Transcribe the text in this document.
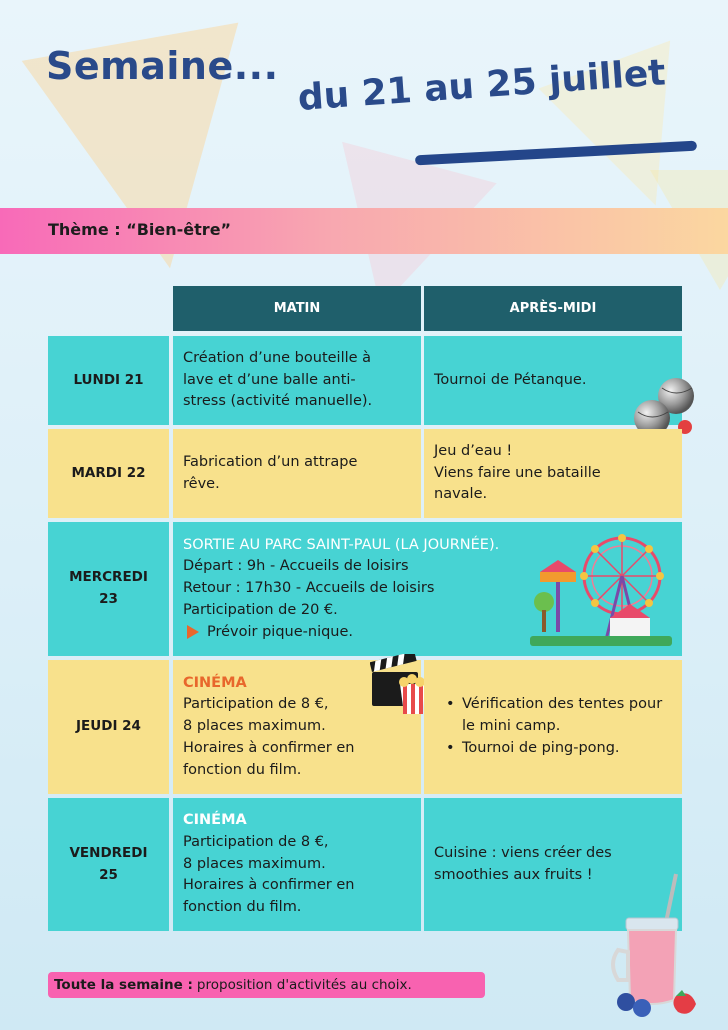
Semaine... du 21 au 25 juillet
Thème : “Bien-être”
MATIN	APRÈS-MIDI
LUNDI 21
Création d’une bouteille à
lave et d’une balle anti-
stress (activité manuelle).
Tournoi de Pétanque.
MARDI 22
Fabrication d’un attrape
rêve.
Jeu d’eau !
Viens faire une bataille
navale.
MERCREDI
23
SORTIE AU PARC SAINT-PAUL (LA JOURNÉE).
Départ : 9h - Accueils de loisirs
Retour : 17h30 - Accueils de loisirs
Participation de 20 €.
Prévoir pique-nique.
JEUDI 24
CINÉMA
Participation de 8 €,
8 places maximum.
Horaires à confirmer en
fonction du film.
• Vérification des tentes pour le mini camp.
• Tournoi de ping-pong.
VENDREDI
25
CINÉMA
Participation de 8 €,
8 places maximum.
Horaires à confirmer en
fonction du film.
Cuisine : viens créer des
smoothies aux fruits !
Toute la semaine : proposition d'activités au choix.
